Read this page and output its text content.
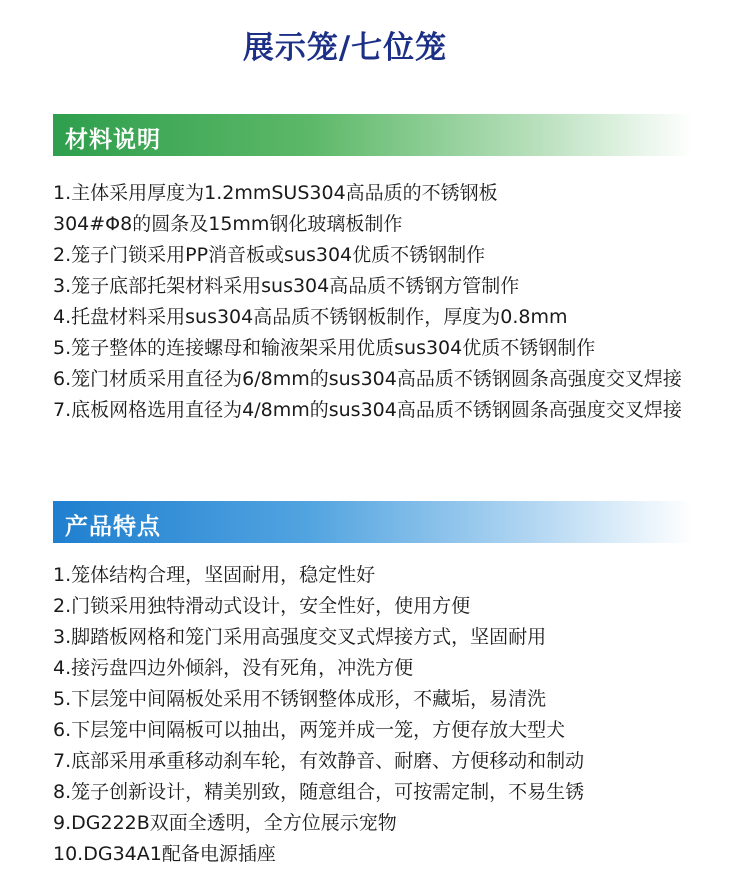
展示笼/七位笼
材料说明
1.主体采用厚度为1.2mmSUS304高品质的不锈钢板
304#Φ8的圆条及15mm钢化玻璃板制作
2.笼子门锁采用PP消音板或sus304优质不锈钢制作
3.笼子底部托架材料采用sus304高品质不锈钢方管制作
4.托盘材料采用sus304高品质不锈钢板制作，厚度为0.8mm
5.笼子整体的连接螺母和输液架采用优质sus304优质不锈钢制作
6.笼门材质采用直径为6/8mm的sus304高品质不锈钢圆条高强度交叉焊接
7.底板网格选用直径为4/8mm的sus304高品质不锈钢圆条高强度交叉焊接
产品特点
1.笼体结构合理，坚固耐用，稳定性好
2.门锁采用独特滑动式设计，安全性好，使用方便
3.脚踏板网格和笼门采用高强度交叉式焊接方式，坚固耐用
4.接污盘四边外倾斜，没有死角，冲洗方便
5.下层笼中间隔板处采用不锈钢整体成形，不藏垢，易清洗
6.下层笼中间隔板可以抽出，两笼并成一笼，方便存放大型犬
7.底部采用承重移动刹车轮，有效静音、耐磨、方便移动和制动
8.笼子创新设计，精美别致，随意组合，可按需定制，不易生锈
9.DG222B双面全透明，全方位展示宠物
10.DG34A1配备电源插座
